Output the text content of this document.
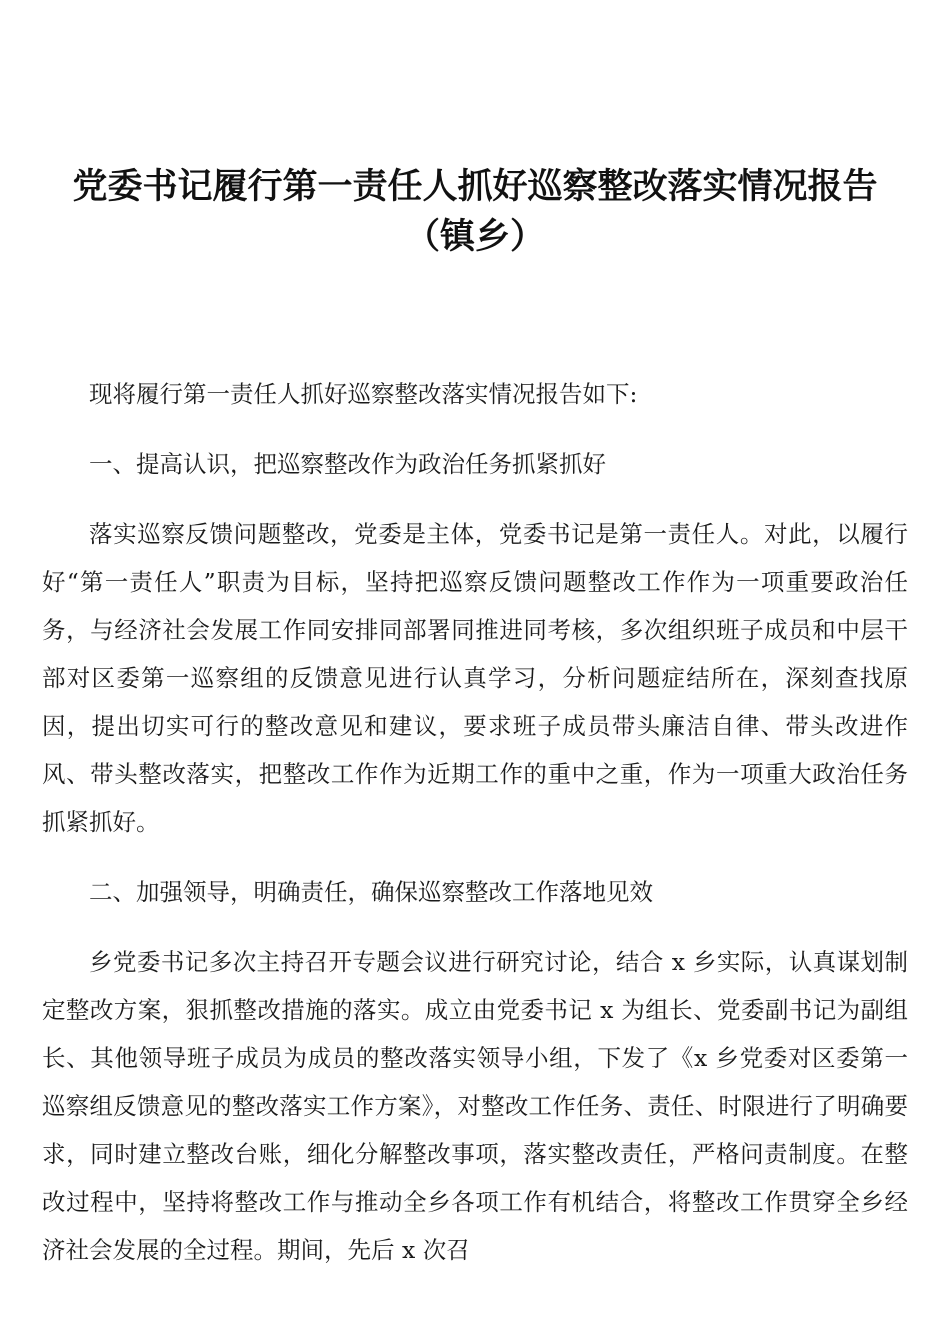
党委书记履行第一责任人抓好巡察整改落实情况报告
（镇乡）

现将履行第一责任人抓好巡察整改落实情况报告如下:

一、提高认识，把巡察整改作为政治任务抓紧抓好

落实巡察反馈问题整改，党委是主体，党委书记是第一责任人。对此，以履行好“第一责任人”职责为目标，坚持把巡察反馈问题整改工作作为一项重要政治任务，与经济社会发展工作同安排同部署同推进同考核，多次组织班子成员和中层干部对区委第一巡察组的反馈意见进行认真学习，分析问题症结所在，深刻查找原因，提出切实可行的整改意见和建议，要求班子成员带头廉洁自律、带头改进作风、带头整改落实，把整改工作作为近期工作的重中之重，作为一项重大政治任务抓紧抓好。

二、加强领导，明确责任，确保巡察整改工作落地见效

乡党委书记多次主持召开专题会议进行研究讨论，结合 x 乡实际，认真谋划制定整改方案，狠抓整改措施的落实。成立由党委书记 x 为组长、党委副书记为副组长、其他领导班子成员为成员的整改落实领导小组，下发了《x 乡党委对区委第一巡察组反馈意见的整改落实工作方案》，对整改工作任务、责任、时限进行了明确要求，同时建立整改台账，细化分解整改事项，落实整改责任，严格问责制度。在整改过程中，坚持将整改工作与推动全乡各项工作有机结合，将整改工作贯穿全乡经济社会发展的全过程。期间，先后 x 次召
